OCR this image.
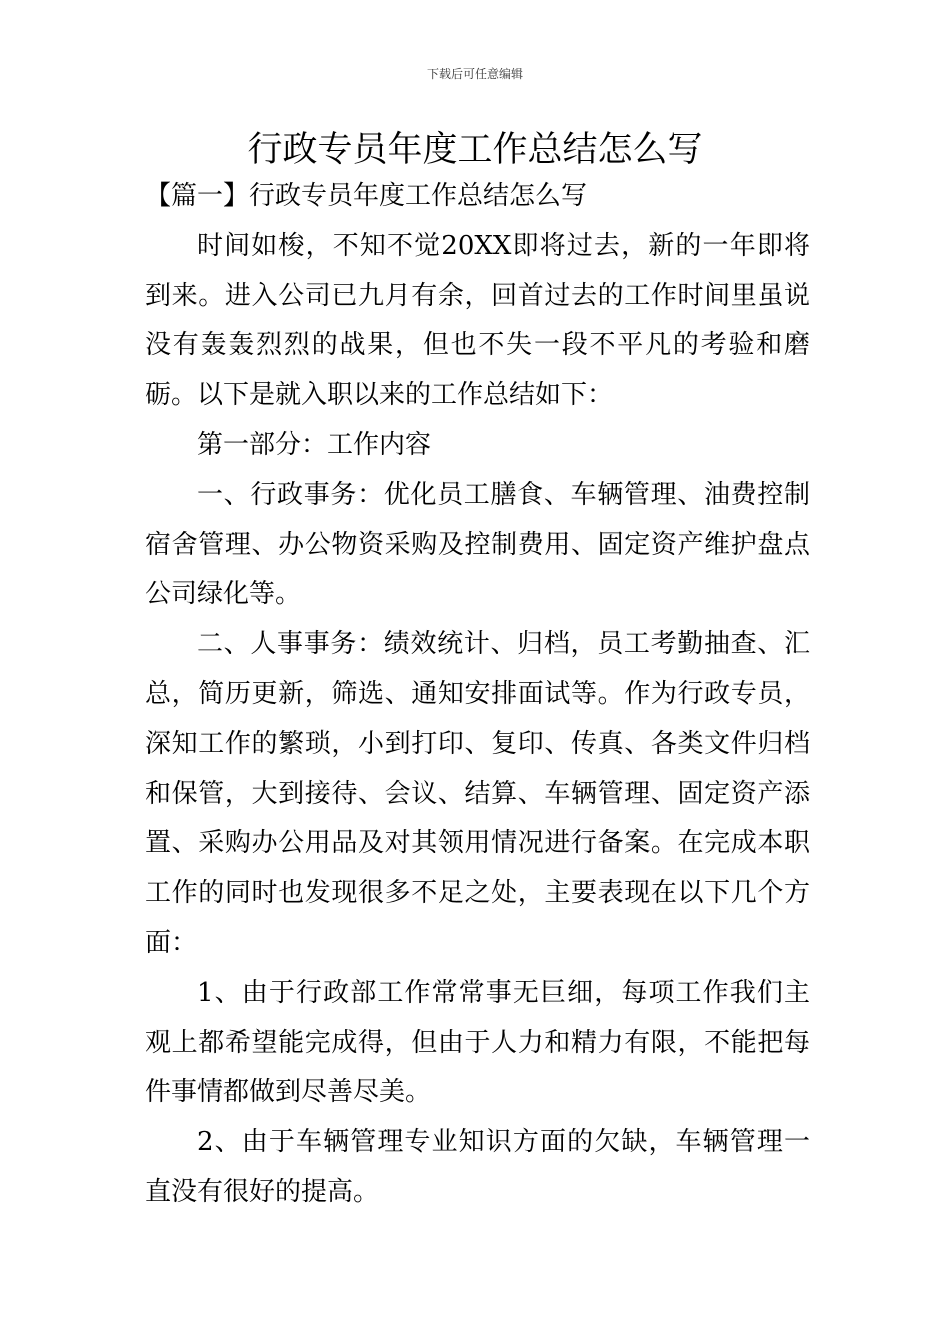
下载后可任意编辑
行政专员年度工作总结怎么写

【篇一】行政专员年度工作总结怎么写

时间如梭，不知不觉20XX即将过去，新的一年即将到来。进入公司已九月有余，回首过去的工作时间里虽说没有轰轰烈烈的战果，但也不失一段不平凡的考验和磨砺。以下是就入职以来的工作总结如下：

第一部分：工作内容

一、行政事务：优化员工膳食、车辆管理、油费控制宿舍管理、办公物资采购及控制费用、固定资产维护盘点公司绿化等。

二、人事事务：绩效统计、归档，员工考勤抽查、汇总，简历更新，筛选、通知安排面试等。作为行政专员，深知工作的繁琐，小到打印、复印、传真、各类文件归档和保管，大到接待、会议、结算、车辆管理、固定资产添置、采购办公用品及对其领用情况进行备案。在完成本职工作的同时也发现很多不足之处，主要表现在以下几个方面：

1、由于行政部工作常常事无巨细，每项工作我们主观上都希望能完成得，但由于人力和精力有限，不能把每件事情都做到尽善尽美。

2、由于车辆管理专业知识方面的欠缺，车辆管理一直没有很好的提高。
